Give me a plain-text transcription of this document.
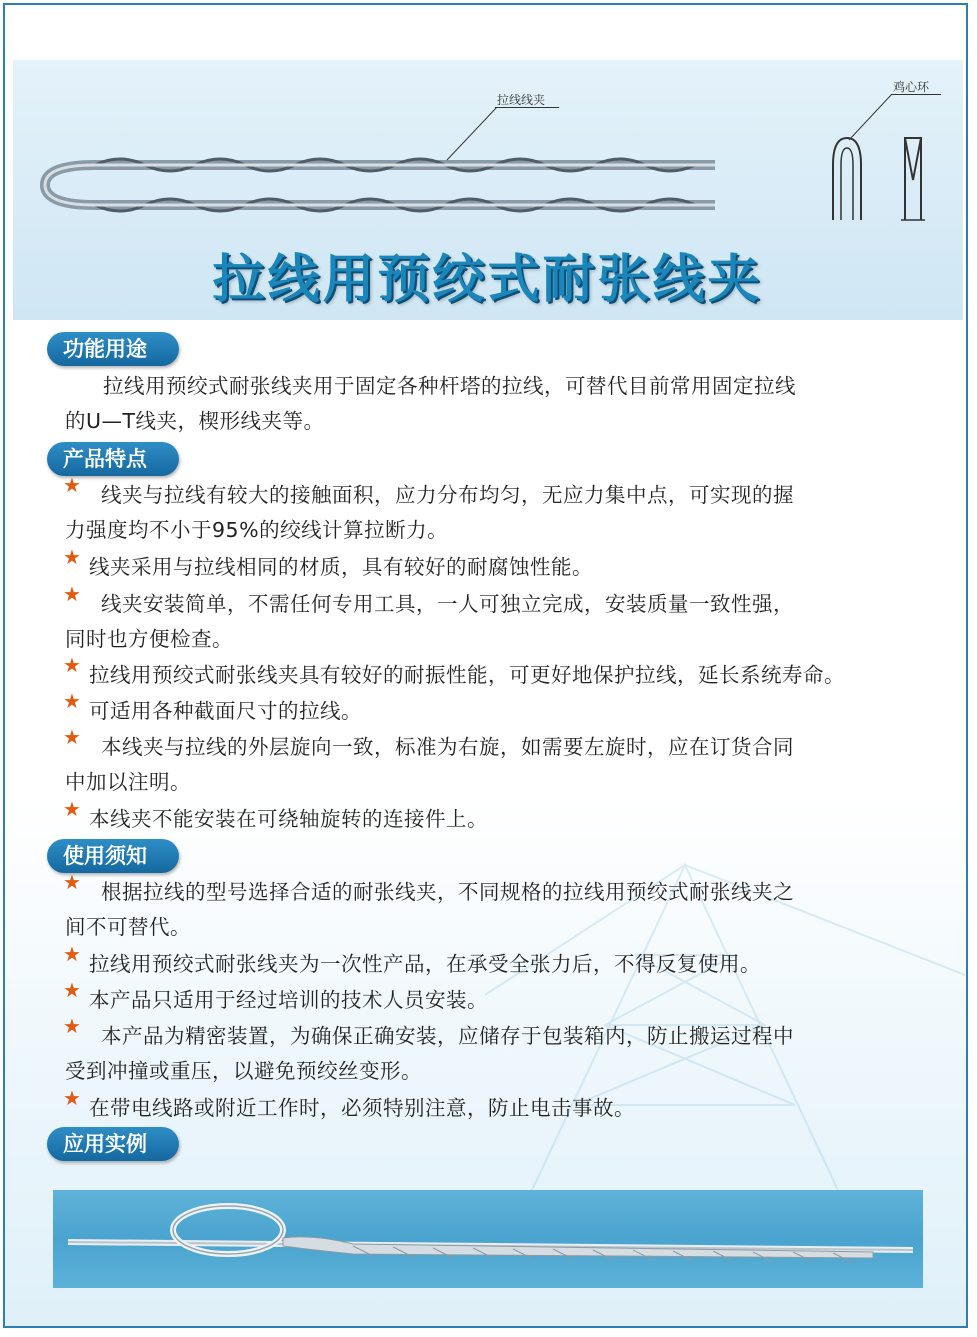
拉线线夹
鸡心环
拉线用预绞式耐张线夹
功能用途
拉线用预绞式耐张线夹用于固定各种杆塔的拉线，可替代目前常用固定拉线
的U—T线夹，楔形线夹等。
产品特点
★ 线夹与拉线有较大的接触面积，应力分布均匀，无应力集中点，可实现的握
力强度均不小于95%的绞线计算拉断力。
★ 线夹采用与拉线相同的材质，具有较好的耐腐蚀性能。
★ 线夹安装简单，不需任何专用工具，一人可独立完成，安装质量一致性强，
同时也方便检查。
★ 拉线用预绞式耐张线夹具有较好的耐振性能，可更好地保护拉线，延长系统寿命。
★ 可适用各种截面尺寸的拉线。
★ 本线夹与拉线的外层旋向一致，标准为右旋，如需要左旋时，应在订货合同
中加以注明。
★ 本线夹不能安装在可绕轴旋转的连接件上。
使用须知
★ 根据拉线的型号选择合适的耐张线夹，不同规格的拉线用预绞式耐张线夹之
间不可替代。
★ 拉线用预绞式耐张线夹为一次性产品，在承受全张力后，不得反复使用。
★ 本产品只适用于经过培训的技术人员安装。
★ 本产品为精密装置，为确保正确安装，应储存于包装箱内，防止搬运过程中
受到冲撞或重压，以避免预绞丝变形。
★ 在带电线路或附近工作时，必须特别注意，防止电击事故。
应用实例
